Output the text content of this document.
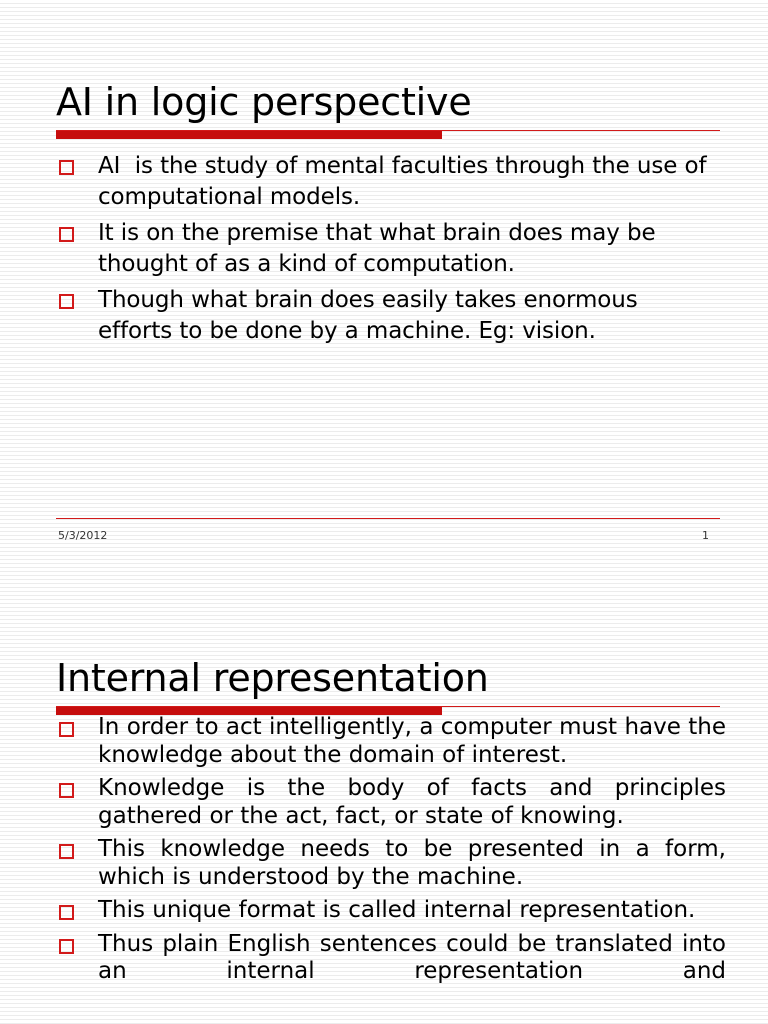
AI in logic perspective
AI  is the study of mental faculties through the use of computational models.
It is on the premise that what brain does may be thought of as a kind of computation.
Though what brain does easily takes enormous efforts to be done by a machine. Eg: vision.
5/3/2012	1
Internal representation
In order to act intelligently, a computer must have the knowledge about the domain of interest.
Knowledge is the body of facts and principles gathered or the act, fact, or state of knowing.
This knowledge needs to be presented in a form, which is understood by the machine.
This unique format is called internal representation.
Thus plain English sentences could be translated into an internal representation and
